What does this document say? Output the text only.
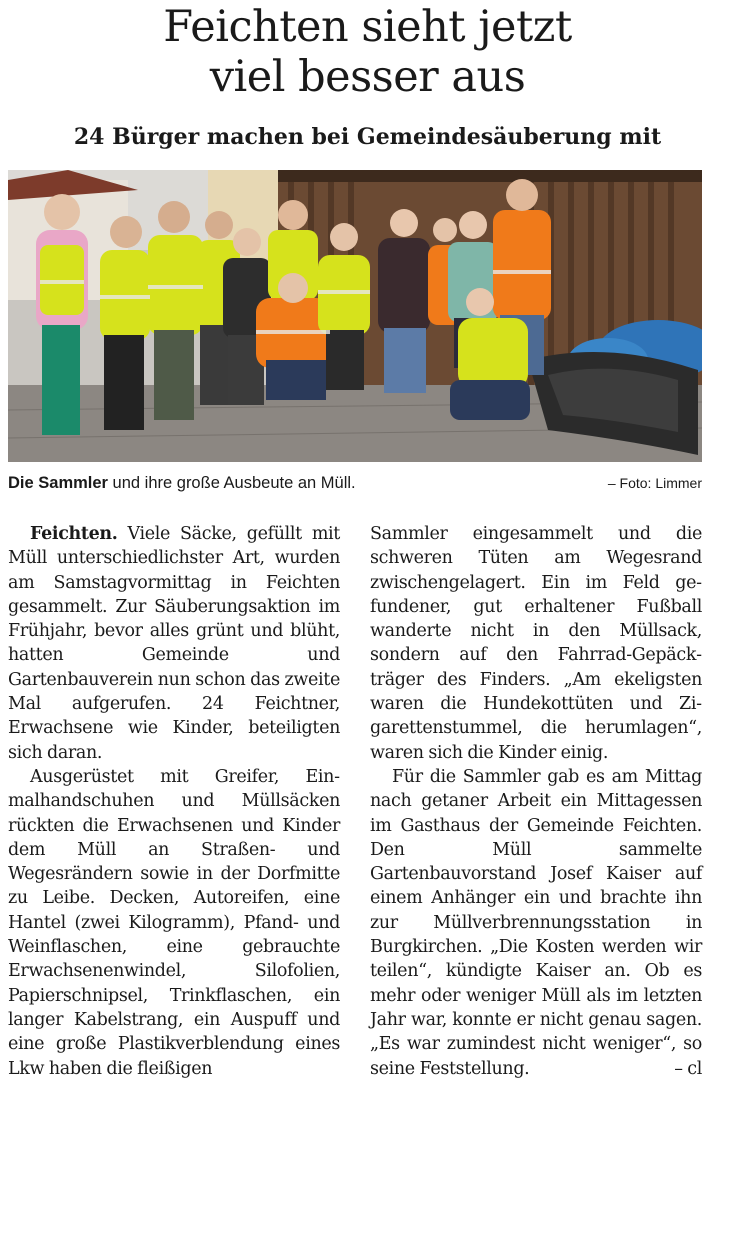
Feichten sieht jetzt
viel besser aus
24 Bürger machen bei Gemeindesäuberung mit
Die Sammler und ihre große Ausbeute an Müll.	– Foto: Limmer

Feichten. Viele Säcke, gefüllt mit Müll unterschiedlichster Art, wurden am Samstagvormittag in Feichten gesammelt. Zur Säuberungsaktion im Frühjahr, bevor alles grünt und blüht, hatten Gemeinde und Gartenbauverein nun schon das zweite Mal aufgerufen. 24 Feichtner, Erwachsene wie Kinder, beteiligten sich daran.

Ausgerüstet mit Greifer, Einmalhandschuhen und Müllsäcken rückten die Erwachsenen und Kinder dem Müll an Straßen- und Wegesrändern sowie in der Dorfmitte zu Leibe. Decken, Autoreifen, eine Hantel (zwei Kilogramm), Pfand- und Weinflaschen, eine gebrauchte Erwachsenenwindel, Silofolien, Papierschnipsel, Trinkflaschen, ein langer Kabelstrang, ein Auspuff und eine große Plastikverblendung eines Lkw haben die fleißigen

Sammler eingesammelt und die schweren Tüten am Wegesrand zwischengelagert. Ein im Feld gefundener, gut erhaltener Fußball wanderte nicht in den Müllsack, sondern auf den Fahrrad-Gepäckträger des Finders. „Am ekeligsten waren die Hundekottüten und Zigarettenstummel, die herumlagen“, waren sich die Kinder einig.

Für die Sammler gab es am Mittag nach getaner Arbeit ein Mittagessen im Gasthaus der Gemeinde Feichten. Den Müll sammelte Gartenbauvorstand Josef Kaiser auf einem Anhänger ein und brachte ihn zur Müllverbrennungsstation in Burgkirchen. „Die Kosten werden wir teilen“, kündigte Kaiser an. Ob es mehr oder weniger Müll als im letzten Jahr war, konnte er nicht genau sagen. „Es war zumindest nicht weniger“, so seine Feststellung.	– cl
